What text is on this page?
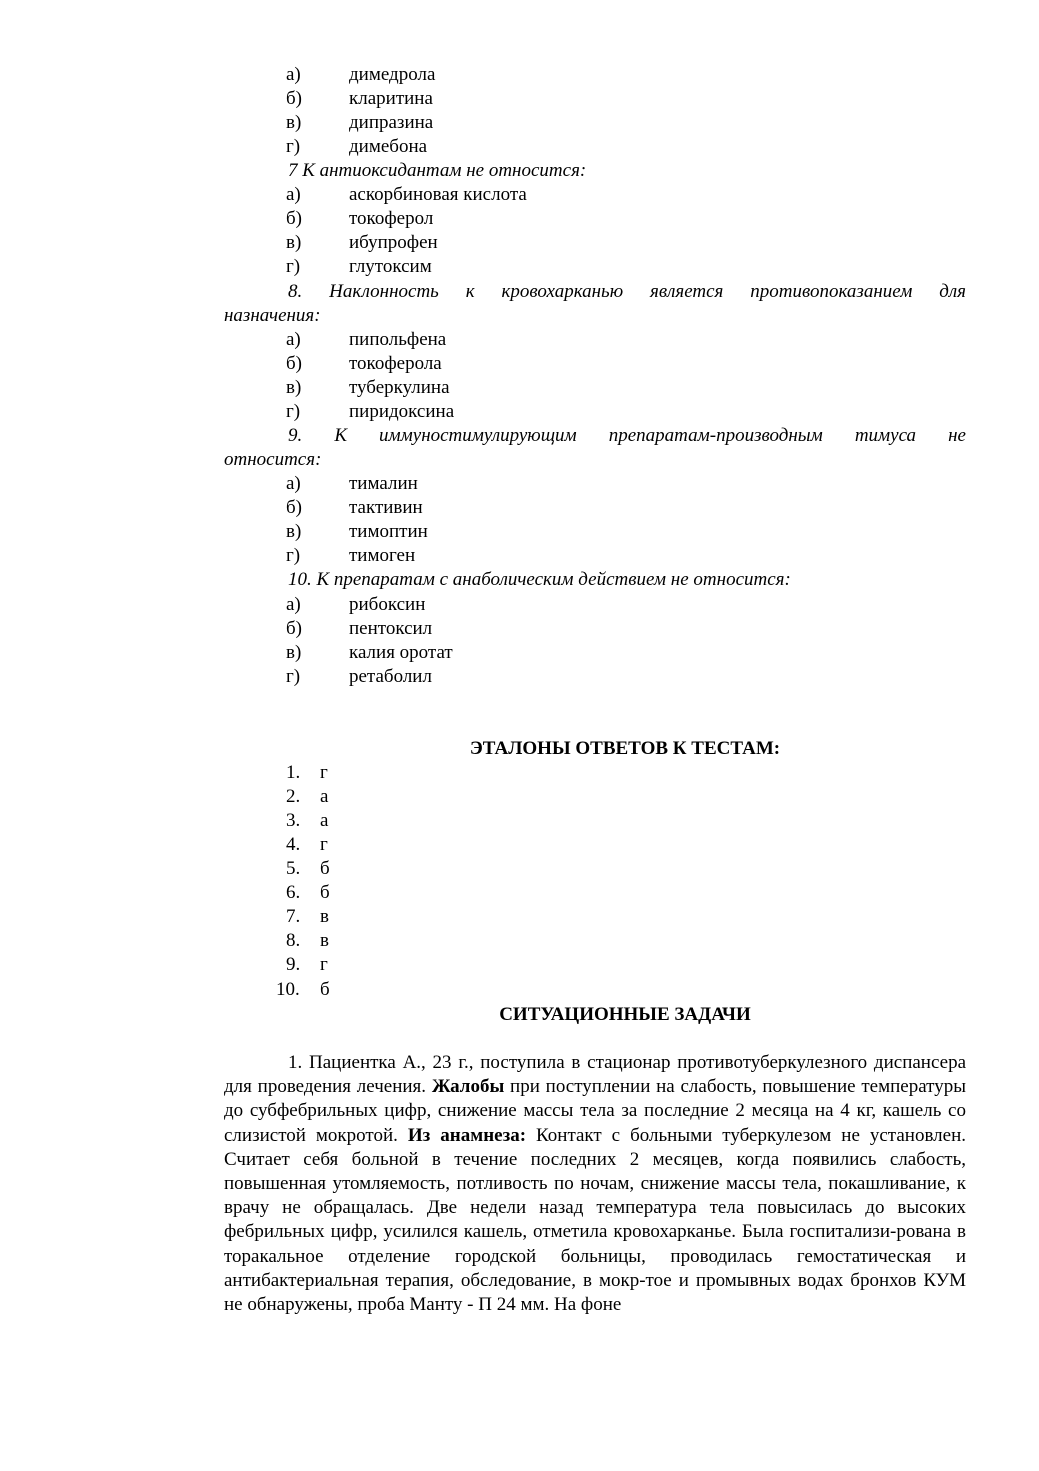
а)	димедрола
б) кларитина
в)	дипразина
г)	димебона
7 К антиоксидантам не относится:
а)	аскорбиновая кислота
б) токоферол
в)	ибупрофен
г)	глутоксим
8. Наклонность к кровохарканью является противопоказанием для
назначения:
а)	пипольфена
б) токоферола
в)	туберкулина
г)	пиридоксина
9. К иммуностимулирующим препаратам-производным тимуса не
относится:
а)	тималин
б) тактивин
в)	тимоптин
г)	тимоген
10. К препаратам с анаболическим действием не относится:
а)	рибоксин
б) пентоксил
в)	калия оротат
г)	ретаболил
ЭТАЛОНЫ ОТВЕТОВ К ТЕСТАМ:
1. г
2. а
3. а
4. г
5. б
6. б
7. в
8. в
9. г
10. б
СИТУАЦИОННЫЕ ЗАДАЧИ

1. Пациентка А., 23 г., поступила в стационар противотуберкулезного диспансера для проведения лечения. Жалобы при поступлении на слабость, повышение температуры до субфебрильных цифр, снижение массы тела за последние 2 месяца на 4 кг, кашель со слизистой мокротой. Из анамнеза: Контакт с больными туберкулезом не установлен. Считает себя больной в течение последних 2 месяцев, когда появились слабость, повышенная утомляемость, потливость по ночам, снижение массы тела, покашливание, к врачу не обращалась. Две недели назад температура тела повысилась до высоких фебрильных цифр, усилился кашель, отметила кровохарканье. Была госпитализи-рована в торакальное отделение городской больницы, проводилась гемостатическая и антибактериальная терапия, обследование, в мокр-тое и промывных водах бронхов КУМ не обнаружены, проба Манту - П 24 мм. На фоне
